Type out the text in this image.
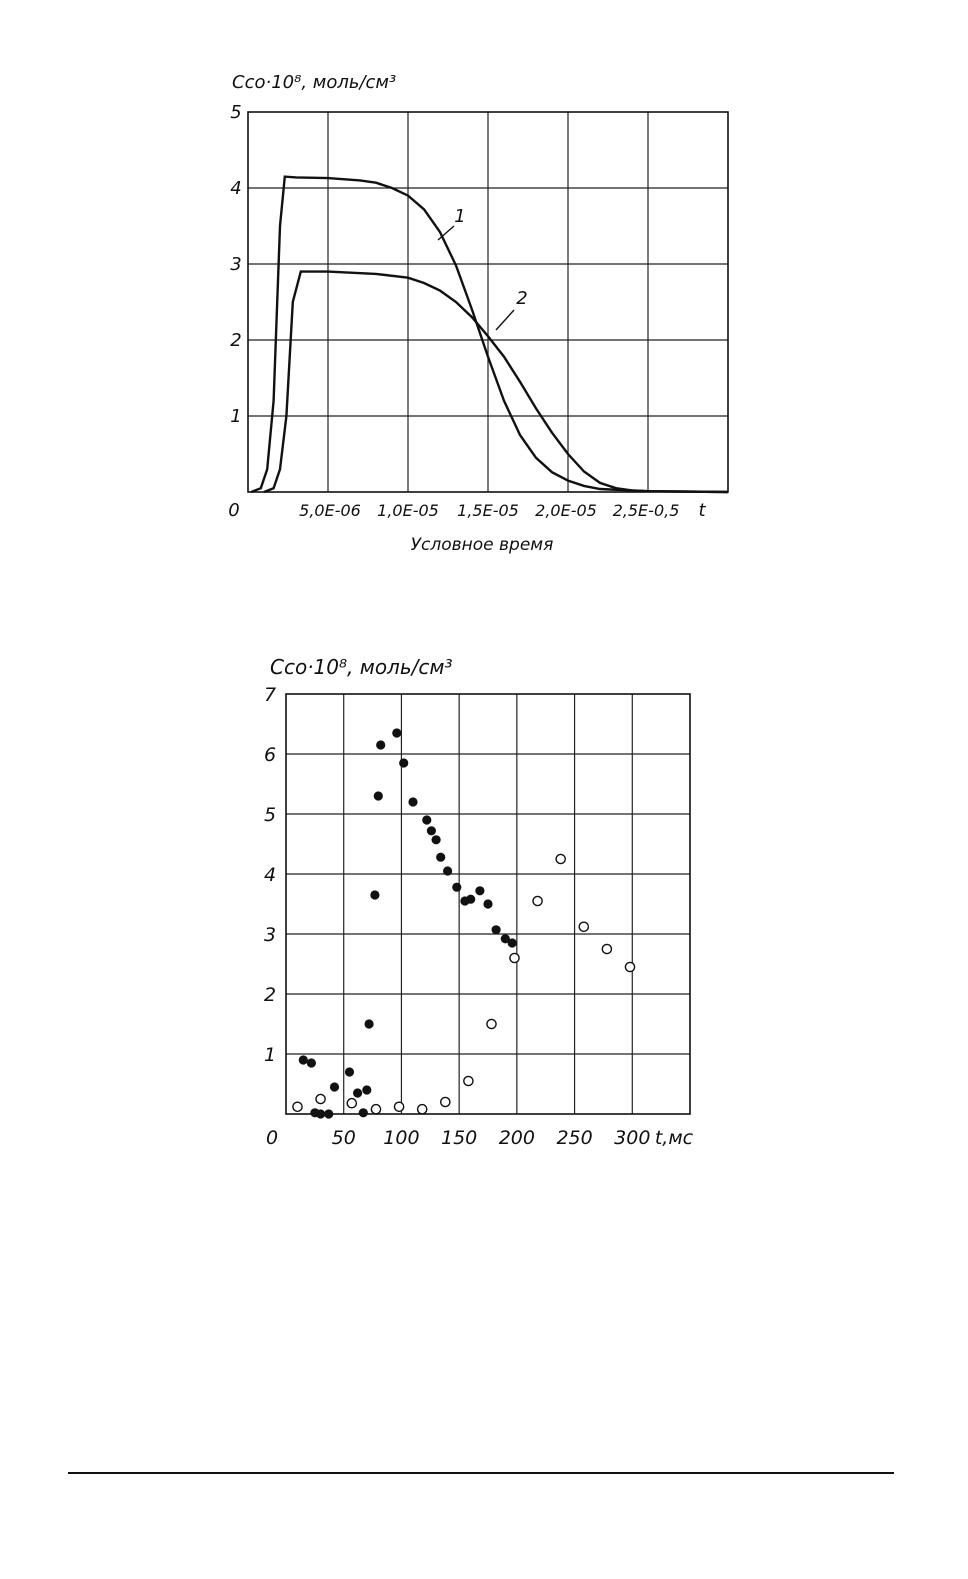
1
2
1
2
3
4
5
0	5,0E-06 1,0E-05 1,5E-05 2,0E-05 2,5E-0,5 t
Условное время
Cco·10⁸, моль/см³
1
2
3
4
5
6
7
0	50 100 150 200 250 300 t,мс
Cco·10⁸, моль/см³
